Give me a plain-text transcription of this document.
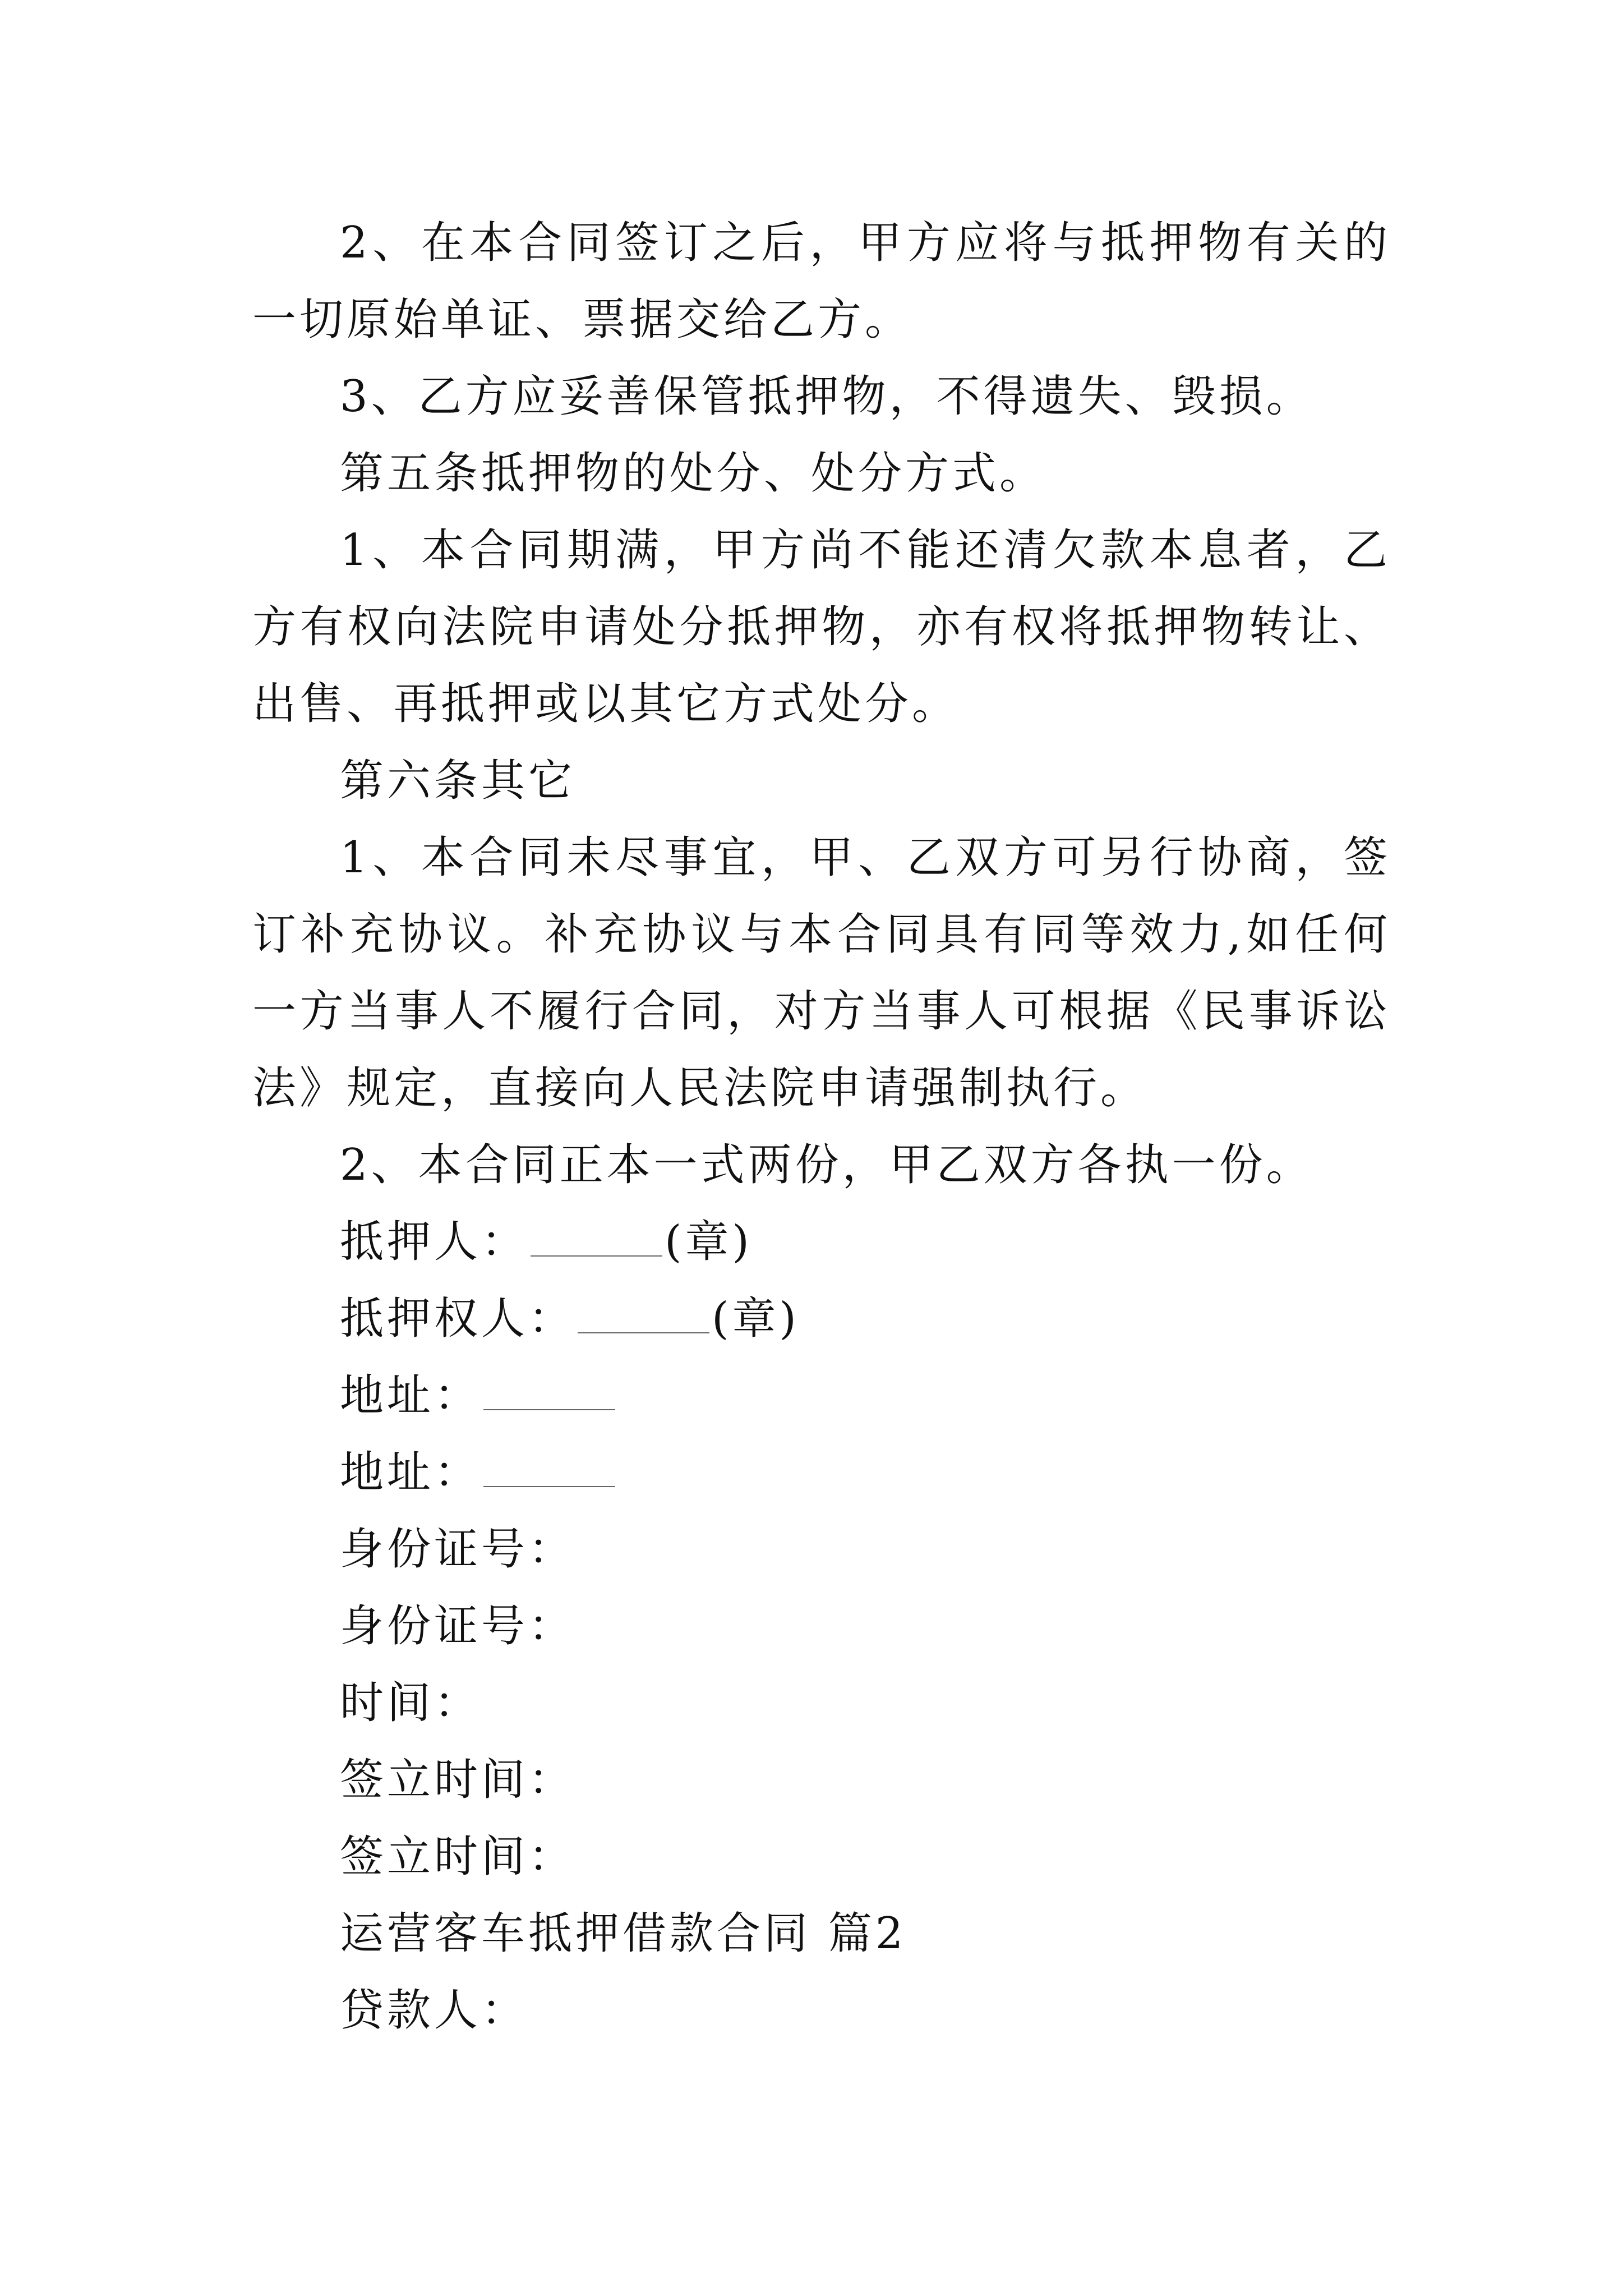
2、在本合同签订之后，甲方应将与抵押物有关的一切原始单证、票据交给乙方。

3、乙方应妥善保管抵押物，不得遗失、毁损。

第五条抵押物的处分、处分方式。

1、本合同期满，甲方尚不能还清欠款本息者，乙方有权向法院申请处分抵押物，亦有权将抵押物转让、出售、再抵押或以其它方式处分。

第六条其它

1、本合同未尽事宜，甲、乙双方可另行协商，签订补充协议。补充协议与本合同具有同等效力,如任何一方当事人不履行合同，对方当事人可根据《民事诉讼法》规定，直接向人民法院申请强制执行。

2、本合同正本一式两份，甲乙双方各执一份。

抵押人：	(章)

抵押权人：	(章)

地址：

地址：

身份证号：

身份证号：

时间：

签立时间：

签立时间：

运营客车抵押借款合同 篇2

贷款人：
